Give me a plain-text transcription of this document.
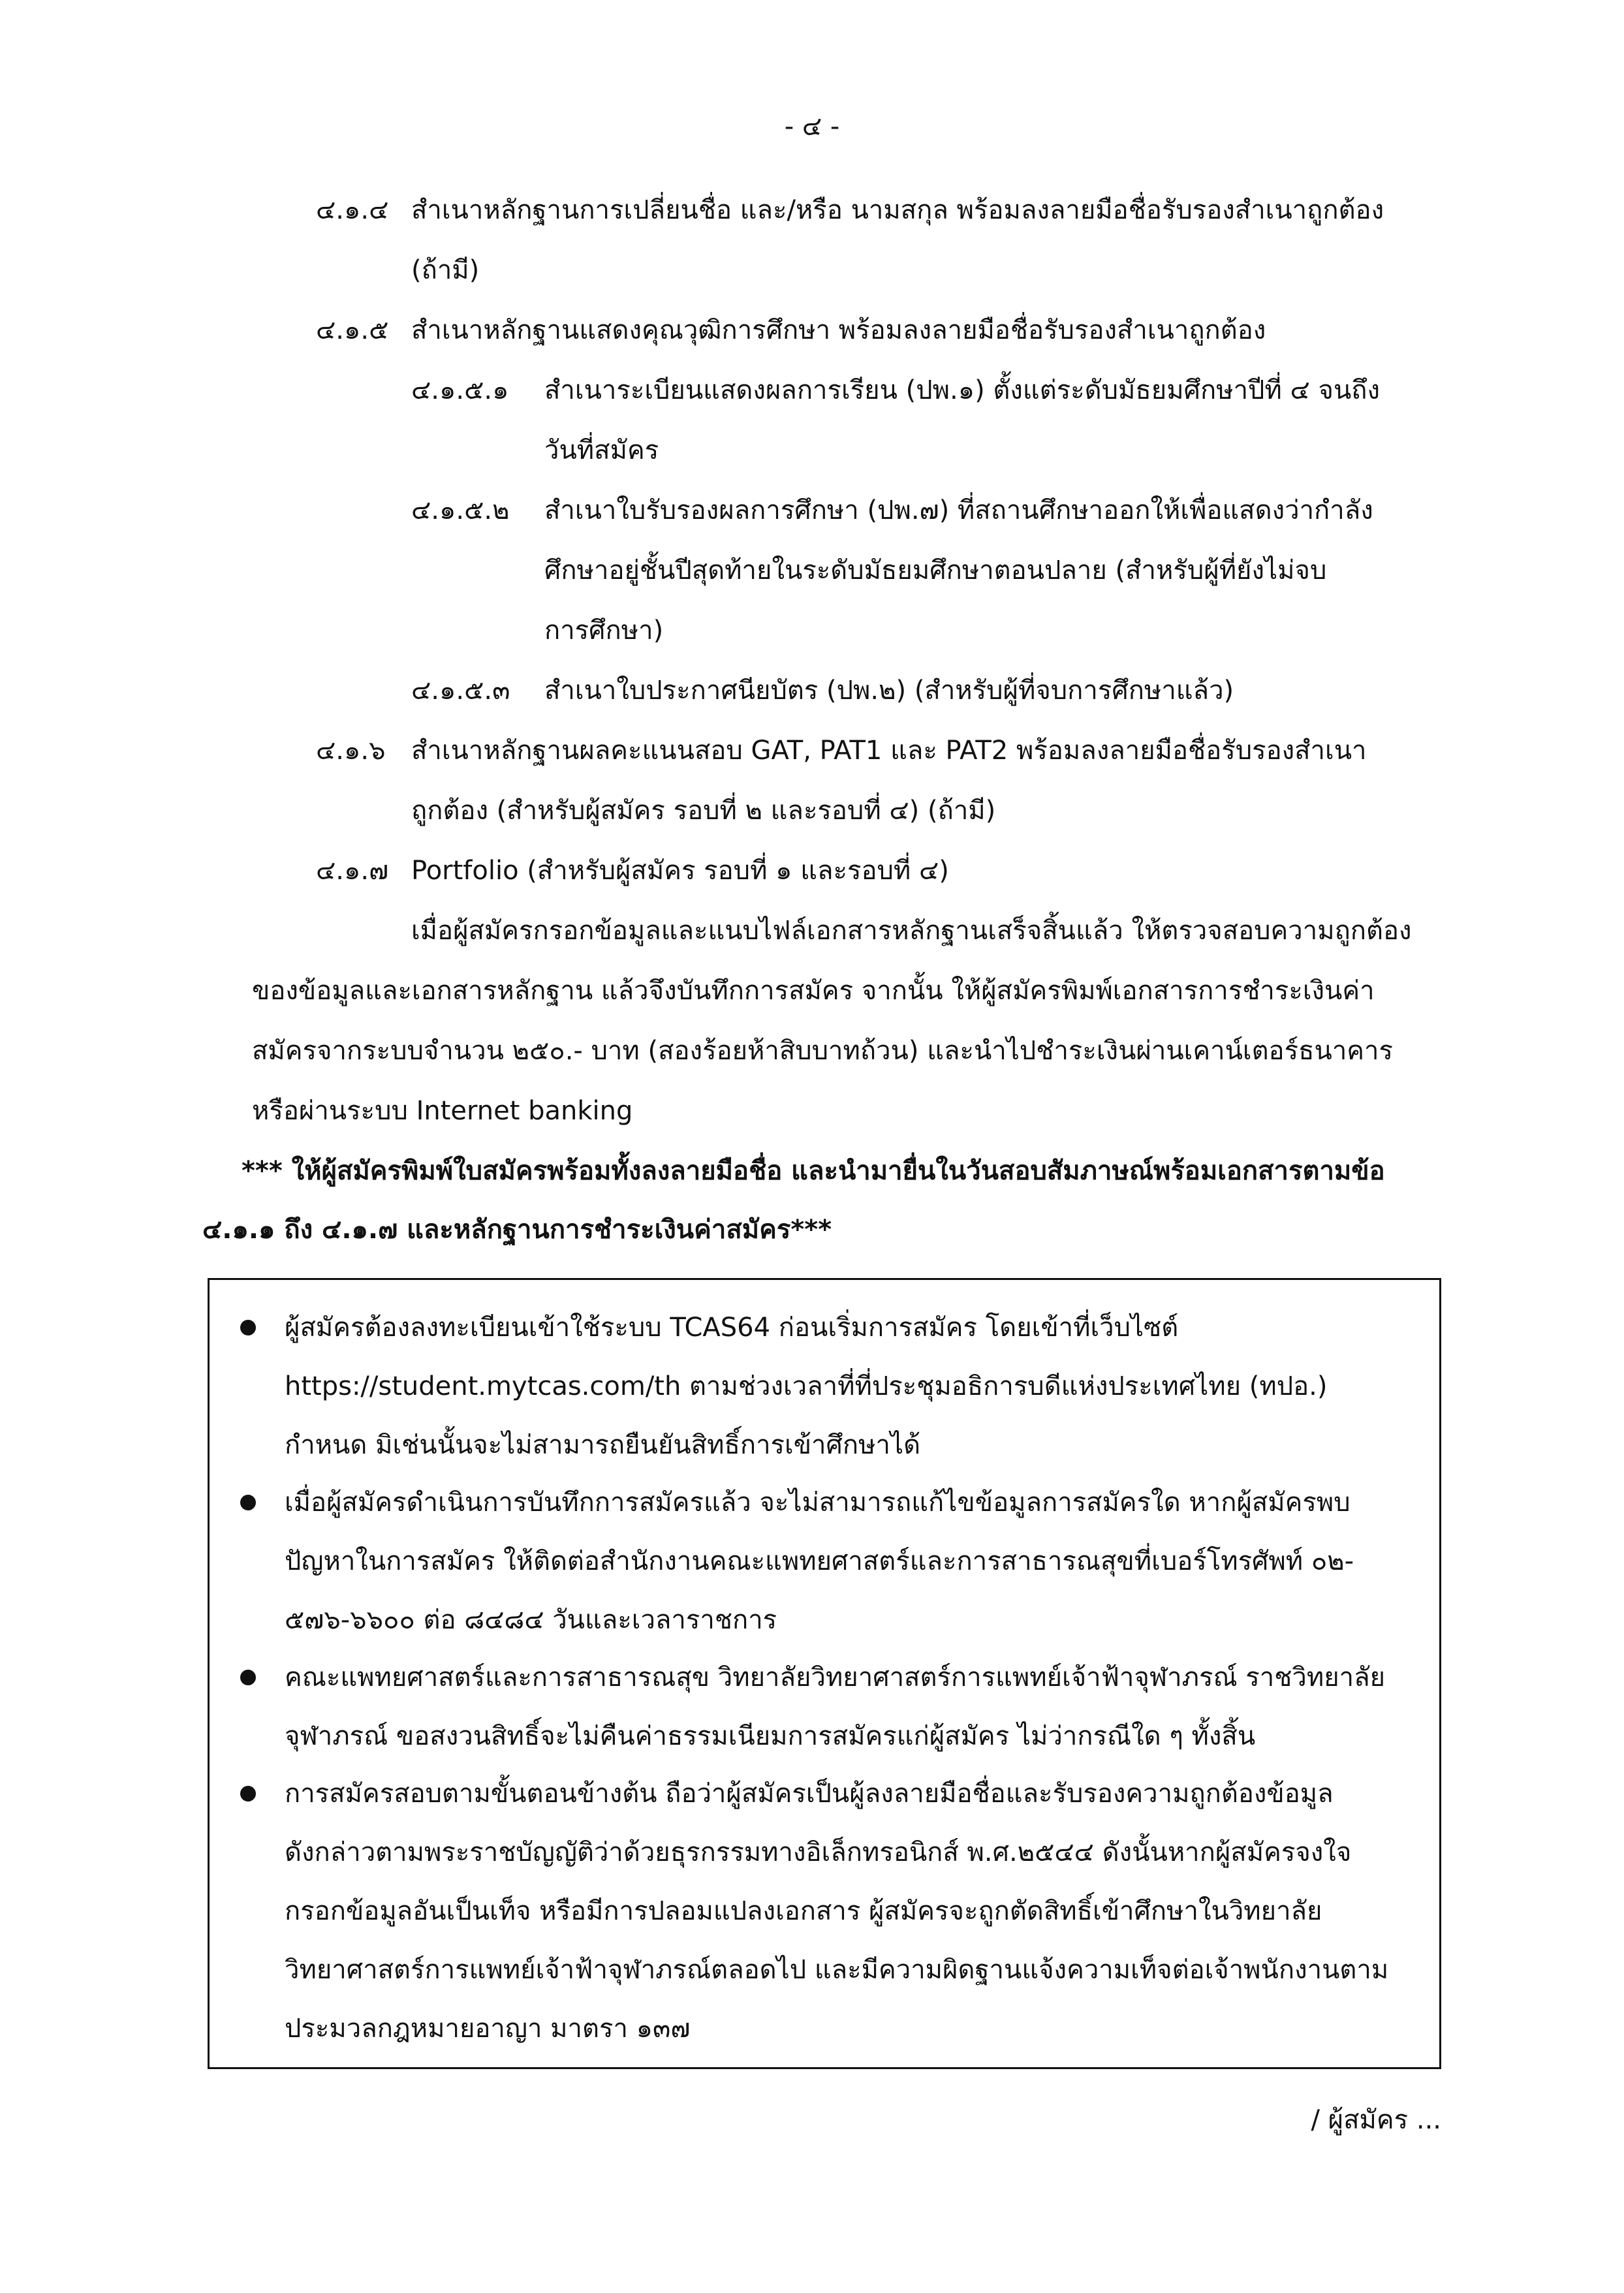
- ๔ -
๔.๑.๔ สำเนาหลักฐานการเปลี่ยนชื่อ และ/หรือ นามสกุล พร้อมลงลายมือชื่อรับรองสำเนาถูกต้อง
(ถ้ามี)
๔.๑.๕ สำเนาหลักฐานแสดงคุณวุฒิการศึกษา พร้อมลงลายมือชื่อรับรองสำเนาถูกต้อง
๔.๑.๕.๑ สำเนาระเบียนแสดงผลการเรียน (ปพ.๑) ตั้งแต่ระดับมัธยมศึกษาปีที่ ๔ จนถึง
วันที่สมัคร
๔.๑.๕.๒ สำเนาใบรับรองผลการศึกษา (ปพ.๗) ที่สถานศึกษาออกให้เพื่อแสดงว่ากำลัง
ศึกษาอยู่ชั้นปีสุดท้ายในระดับมัธยมศึกษาตอนปลาย (สำหรับผู้ที่ยังไม่จบ
การศึกษา)
๔.๑.๕.๓ สำเนาใบประกาศนียบัตร (ปพ.๒) (สำหรับผู้ที่จบการศึกษาแล้ว)
๔.๑.๖ สำเนาหลักฐานผลคะแนนสอบ GAT, PAT1 และ PAT2 พร้อมลงลายมือชื่อรับรองสำเนา
ถูกต้อง (สำหรับผู้สมัคร รอบที่ ๒ และรอบที่ ๔) (ถ้ามี)
๔.๑.๗ Portfolio (สำหรับผู้สมัคร รอบที่ ๑ และรอบที่ ๔)
เมื่อผู้สมัครกรอกข้อมูลและแนบไฟล์เอกสารหลักฐานเสร็จสิ้นแล้ว ให้ตรวจสอบความถูกต้อง
ของข้อมูลและเอกสารหลักฐาน แล้วจึงบันทึกการสมัคร จากนั้น ให้ผู้สมัครพิมพ์เอกสารการชำระเงินค่า
สมัครจากระบบจำนวน ๒๕๐.- บาท (สองร้อยห้าสิบบาทถ้วน) และนำไปชำระเงินผ่านเคาน์เตอร์ธนาคาร
หรือผ่านระบบ Internet banking
*** ให้ผู้สมัครพิมพ์ใบสมัครพร้อมทั้งลงลายมือชื่อ และนำมายื่นในวันสอบสัมภาษณ์พร้อมเอกสารตามข้อ
๔.๑.๑ ถึง ๔.๑.๗ และหลักฐานการชำระเงินค่าสมัคร***
ผู้สมัครต้องลงทะเบียนเข้าใช้ระบบ TCAS64 ก่อนเริ่มการสมัคร โดยเข้าที่เว็บไซต์
https://student.mytcas.com/th ตามช่วงเวลาที่ที่ประชุมอธิการบดีแห่งประเทศไทย (ทปอ.)
กำหนด มิเช่นนั้นจะไม่สามารถยืนยันสิทธิ์การเข้าศึกษาได้
เมื่อผู้สมัครดำเนินการบันทึกการสมัครแล้ว จะไม่สามารถแก้ไขข้อมูลการสมัครใด หากผู้สมัครพบ
ปัญหาในการสมัคร ให้ติดต่อสำนักงานคณะแพทยศาสตร์และการสาธารณสุขที่เบอร์โทรศัพท์ ๐๒-
๕๗๖-๖๖๐๐ ต่อ ๘๔๘๔ วันและเวลาราชการ
คณะแพทยศาสตร์และการสาธารณสุข วิทยาลัยวิทยาศาสตร์การแพทย์เจ้าฟ้าจุฬาภรณ์ ราชวิทยาลัย
จุฬาภรณ์ ขอสงวนสิทธิ์จะไม่คืนค่าธรรมเนียมการสมัครแก่ผู้สมัคร ไม่ว่ากรณีใด ๆ ทั้งสิ้น
การสมัครสอบตามขั้นตอนข้างต้น ถือว่าผู้สมัครเป็นผู้ลงลายมือชื่อและรับรองความถูกต้องข้อมูล
ดังกล่าวตามพระราชบัญญัติว่าด้วยธุรกรรมทางอิเล็กทรอนิกส์ พ.ศ.๒๕๔๔ ดังนั้นหากผู้สมัครจงใจ
กรอกข้อมูลอันเป็นเท็จ หรือมีการปลอมแปลงเอกสาร ผู้สมัครจะถูกตัดสิทธิ์เข้าศึกษาในวิทยาลัย
วิทยาศาสตร์การแพทย์เจ้าฟ้าจุฬาภรณ์ตลอดไป และมีความผิดฐานแจ้งความเท็จต่อเจ้าพนักงานตาม
ประมวลกฎหมายอาญา มาตรา ๑๓๗
/ ผู้สมัคร ...
